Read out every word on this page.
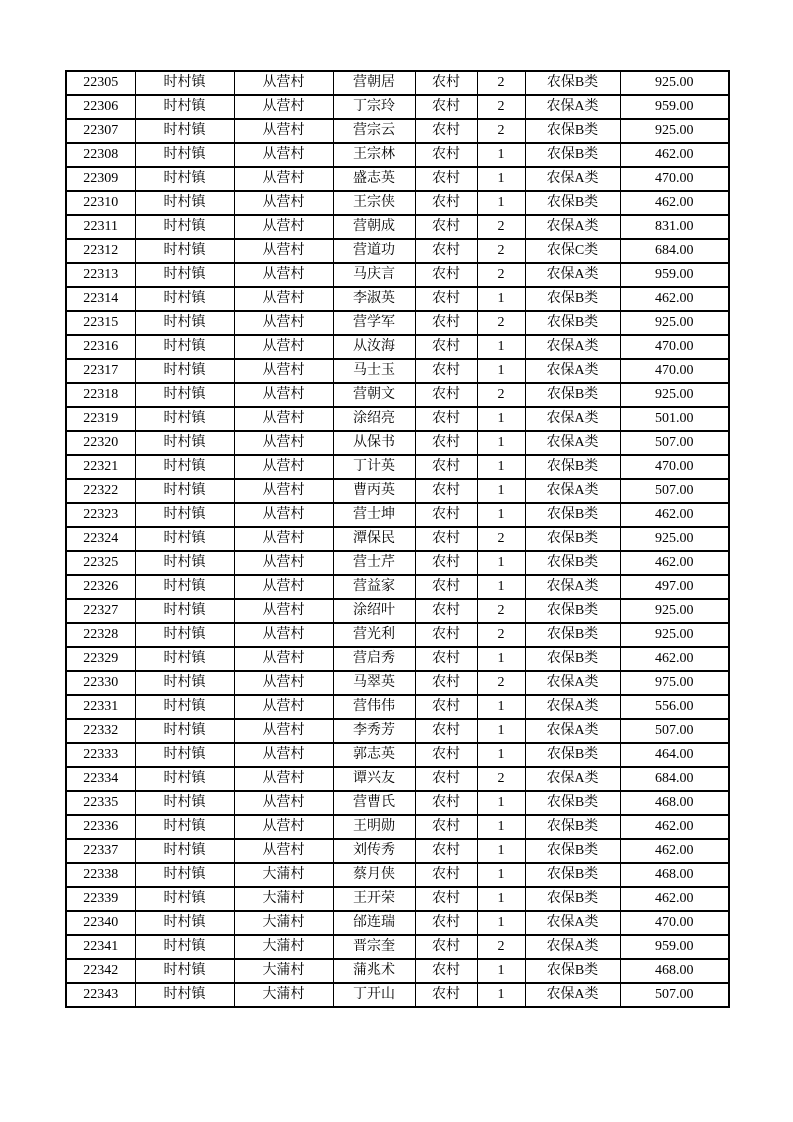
22305	时村镇	从营村	营朝居	农村	2	农保B类	925.00
22306	时村镇	从营村	丁宗玲	农村	2	农保A类	959.00
22307	时村镇	从营村	营宗云	农村	2	农保B类	925.00
22308	时村镇	从营村	王宗林	农村	1	农保B类	462.00
22309	时村镇	从营村	盛志英	农村	1	农保A类	470.00
22310	时村镇	从营村	王宗侠	农村	1	农保B类	462.00
22311	时村镇	从营村	营朝成	农村	2	农保A类	831.00
22312	时村镇	从营村	营道功	农村	2	农保C类	684.00
22313	时村镇	从营村	马庆言	农村	2	农保A类	959.00
22314	时村镇	从营村	李淑英	农村	1	农保B类	462.00
22315	时村镇	从营村	营学军	农村	2	农保B类	925.00
22316	时村镇	从营村	从汝海	农村	1	农保A类	470.00
22317	时村镇	从营村	马士玉	农村	1	农保A类	470.00
22318	时村镇	从营村	营朝文	农村	2	农保B类	925.00
22319	时村镇	从营村	涂绍亮	农村	1	农保A类	501.00
22320	时村镇	从营村	从保书	农村	1	农保A类	507.00
22321	时村镇	从营村	丁计英	农村	1	农保B类	470.00
22322	时村镇	从营村	曹丙英	农村	1	农保A类	507.00
22323	时村镇	从营村	营士坤	农村	1	农保B类	462.00
22324	时村镇	从营村	潭保民	农村	2	农保B类	925.00
22325	时村镇	从营村	营士芹	农村	1	农保B类	462.00
22326	时村镇	从营村	营益家	农村	1	农保A类	497.00
22327	时村镇	从营村	涂绍叶	农村	2	农保B类	925.00
22328	时村镇	从营村	营光利	农村	2	农保B类	925.00
22329	时村镇	从营村	营启秀	农村	1	农保B类	462.00
22330	时村镇	从营村	马翠英	农村	2	农保A类	975.00
22331	时村镇	从营村	营伟伟	农村	1	农保A类	556.00
22332	时村镇	从营村	李秀芳	农村	1	农保A类	507.00
22333	时村镇	从营村	郭志英	农村	1	农保B类	464.00
22334	时村镇	从营村	谭兴友	农村	2	农保A类	684.00
22335	时村镇	从营村	营曹氏	农村	1	农保B类	468.00
22336	时村镇	从营村	王明勋	农村	1	农保B类	462.00
22337	时村镇	从营村	刘传秀	农村	1	农保B类	462.00
22338	时村镇	大蒲村	蔡月侠	农村	1	农保B类	468.00
22339	时村镇	大蒲村	王开荣	农村	1	农保B类	462.00
22340	时村镇	大蒲村	邰连瑞	农村	1	农保A类	470.00
22341	时村镇	大蒲村	晋宗奎	农村	2	农保A类	959.00
22342	时村镇	大蒲村	蒲兆术	农村	1	农保B类	468.00
22343	时村镇	大蒲村	丁开山	农村	1	农保A类	507.00
